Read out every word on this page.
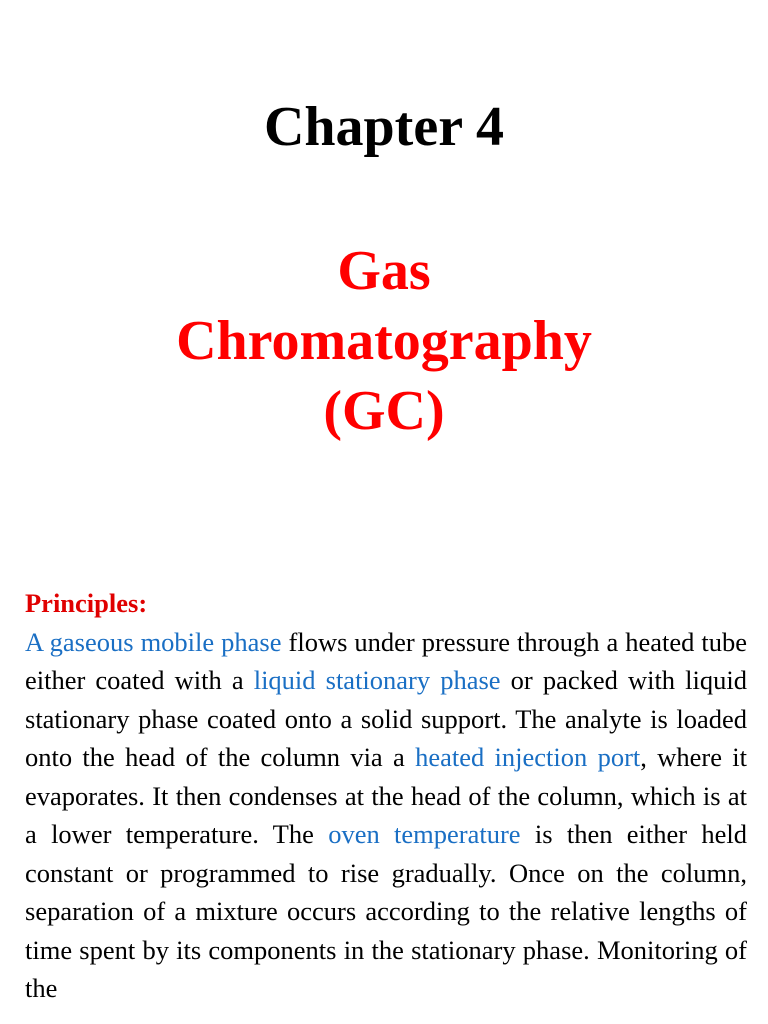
Chapter 4
Gas
Chromatography
(GC)

Principles:

A gaseous mobile phase flows under pressure through a heated tube either coated with a liquid stationary phase or packed with liquid stationary phase coated onto a solid support. The analyte is loaded onto the head of the column via a heated injection port, where it evaporates. It then condenses at the head of the column, which is at a lower temperature. The oven temperature is then either held constant or programmed to rise gradually. Once on the column, separation of a mixture occurs according to the relative lengths of time spent by its components in the stationary phase. Monitoring of the
